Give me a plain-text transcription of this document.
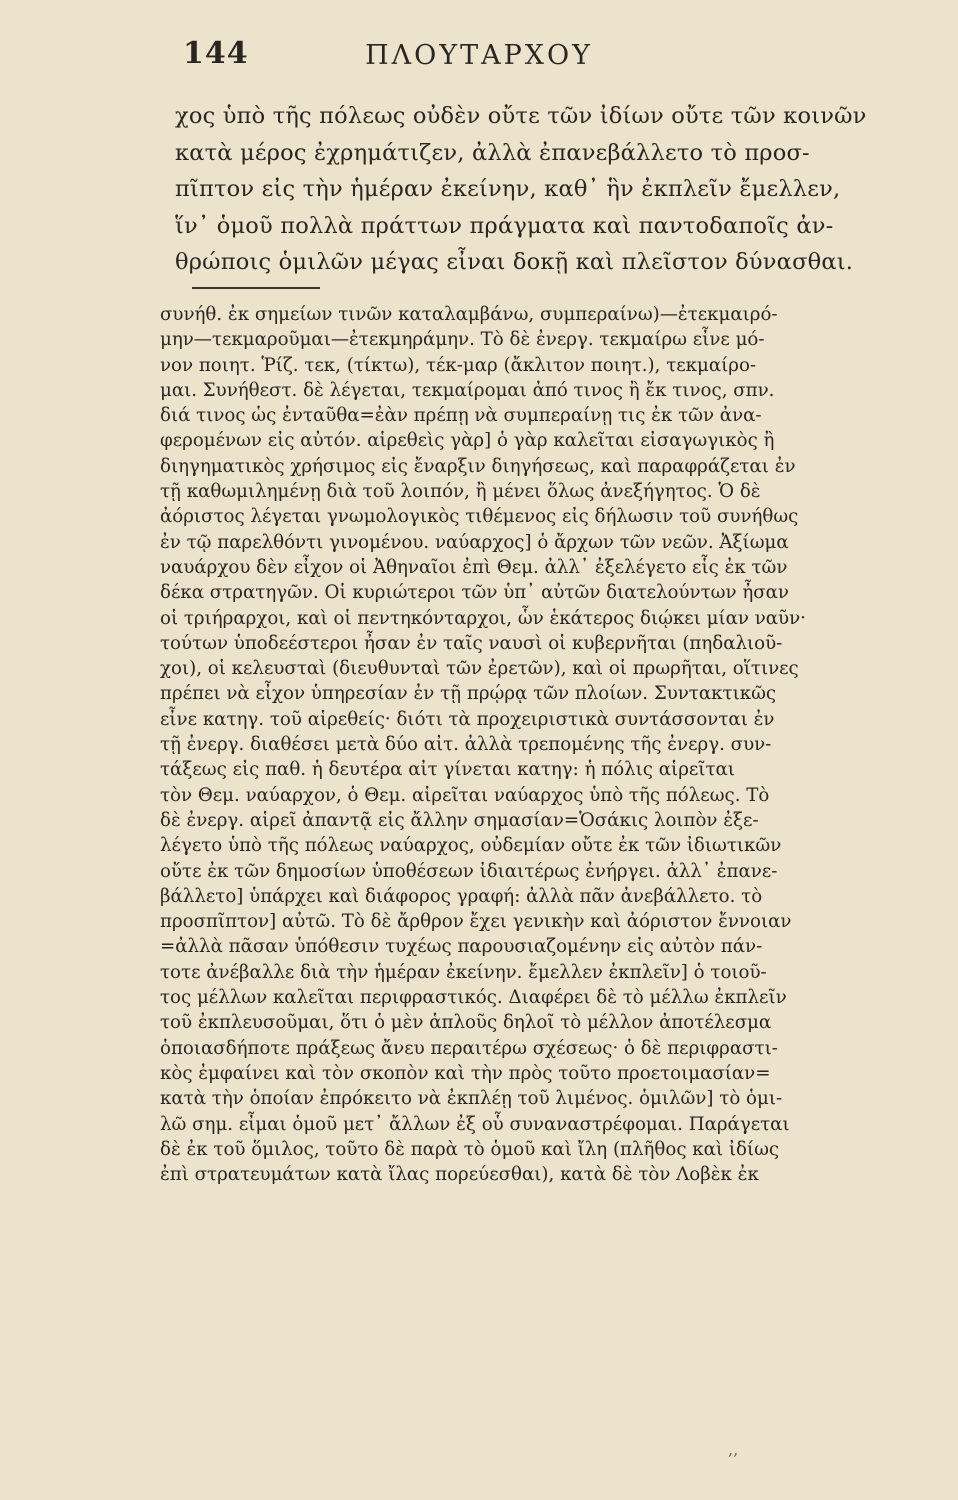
144	ΠΛΟΥΤΑΡΧΟΥ
χος ὑπὸ τῆς πόλεως οὐδὲν οὔτε τῶν ἰδίων οὔτε τῶν κοινῶν
κατὰ μέρος ἐχρημάτιζεν, ἀλλὰ ἐπανεβάλλετο τὸ προσ-
πῖπτον εἰς τὴν ἡμέραν ἐκείνην, καθ᾽ ἣν ἐκπλεῖν ἔμελλεν,
ἵν᾽ ὁμοῦ πολλὰ πράττων πράγματα καὶ παντοδαποῖς ἀν-
θρώποις ὁμιλῶν μέγας εἶναι δοκῇ καὶ πλεῖστον δύνασθαι.
συνήθ. ἐκ σημείων τινῶν καταλαμβάνω, συμπεραίνω)—ἐτεκμαιρό-
μην—τεκμαροῦμαι—ἐτεκμηράμην. Τὸ δὲ ἐνεργ. τεκμαίρω εἶνε μό-
νον ποιητ. Ῥίζ. τεκ, (τίκτω), τέκ-μαρ (ἄκλιτον ποιητ.), τεκμαίρο-
μαι. Συνήθεστ. δὲ λέγεται, τεκμαίρομαι ἀπό τινος ἢ ἔκ τινος, σπν.
διά τινος ὡς ἐνταῦθα=ἐὰν πρέπῃ νὰ συμπεραίνῃ τις ἐκ τῶν ἀνα-
φερομένων εἰς αὐτόν. αἱρεθεὶς γὰρ] ὁ γὰρ καλεῖται εἰσαγωγικὸς ἢ
διηγηματικὸς χρήσιμος εἰς ἔναρξιν διηγήσεως, καὶ παραφράζεται ἐν
τῇ καθωμιλημένῃ διὰ τοῦ λοιπόν, ἢ μένει ὅλως ἀνεξήγητος. Ὁ δὲ
ἀόριστος λέγεται γνωμολογικὸς τιθέμενος εἰς δήλωσιν τοῦ συνήθως
ἐν τῷ παρελθόντι γινομένου. ναύαρχος] ὁ ἄρχων τῶν νεῶν. Ἀξίωμα
ναυάρχου δὲν εἶχον οἱ Ἀθηναῖοι ἐπὶ Θεμ. ἀλλ᾽ ἐξελέγετο εἷς ἐκ τῶν
δέκα στρατηγῶν. Οἱ κυριώτεροι τῶν ὑπ᾽ αὐτῶν διατελούντων ἦσαν
οἱ τριήραρχοι, καὶ οἱ πεντηκόνταρχοι, ὧν ἑκάτερος διῴκει μίαν ναῦν·
τούτων ὑποδεέστεροι ἦσαν ἐν ταῖς ναυσὶ οἱ κυβερνῆται (πηδαλιοῦ-
χοι), οἱ κελευσταὶ (διευθυνταὶ τῶν ἐρετῶν), καὶ οἱ πρωρῆται, οἵτινες
πρέπει νὰ εἶχον ὑπηρεσίαν ἐν τῇ πρῴρᾳ τῶν πλοίων. Συντακτικῶς
εἶνε κατηγ. τοῦ αἱρεθείς· διότι τὰ προχειριστικὰ συντάσσονται ἐν
τῇ ἐνεργ. διαθέσει μετὰ δύο αἰτ. ἀλλὰ τρεπομένης τῆς ἐνεργ. συν-
τάξεως εἰς παθ. ἡ δευτέρα αἰτ γίνεται κατηγ: ἡ πόλις αἱρεῖται
τὸν Θεμ. ναύαρχον, ὁ Θεμ. αἱρεῖται ναύαρχος ὑπὸ τῆς πόλεως. Τὸ
δὲ ἐνεργ. αἱρεῖ ἀπαντᾷ εἰς ἄλλην σημασίαν=Ὁσάκις λοιπὸν ἐξε-
λέγετο ὑπὸ τῆς πόλεως ναύαρχος, οὐδεμίαν οὔτε ἐκ τῶν ἰδιωτικῶν
οὔτε ἐκ τῶν δημοσίων ὑποθέσεων ἰδιαιτέρως ἐνήργει. ἀλλ᾽ ἐπανε-
βάλλετο] ὑπάρχει καὶ διάφορος γραφή: ἀλλὰ πᾶν ἀνεβάλλετο. τὸ
προσπῖπτον] αὐτῶ. Τὸ δὲ ἄρθρον ἔχει γενικὴν καὶ ἀόριστον ἔννοιαν
=ἀλλὰ πᾶσαν ὑπόθεσιν τυχέως παρουσιαζομένην εἰς αὐτὸν πάν-
τοτε ἀνέβαλλε διὰ τὴν ἡμέραν ἐκείνην. ἔμελλεν ἐκπλεῖν] ὁ τοιοῦ-
τος μέλλων καλεῖται περιφραστικός. Διαφέρει δὲ τὸ μέλλω ἐκπλεῖν
τοῦ ἐκπλευσοῦμαι, ὅτι ὁ μὲν ἁπλοῦς δηλοῖ τὸ μέλλον ἀποτέλεσμα
ὁποιασδήποτε πράξεως ἄνευ περαιτέρω σχέσεως· ὁ δὲ περιφραστι-
κὸς ἐμφαίνει καὶ τὸν σκοπὸν καὶ τὴν πρὸς τοῦτο προετοιμασίαν=
κατὰ τὴν ὁποίαν ἐπρόκειτο νὰ ἐκπλέῃ τοῦ λιμένος. ὁμιλῶν] τὸ ὁμι-
λῶ σημ. εἶμαι ὁμοῦ μετ᾽ ἄλλων ἐξ οὗ συναναστρέφομαι. Παράγεται
δὲ ἐκ τοῦ ὅμιλος, τοῦτο δὲ παρὰ τὸ ὁμοῦ καὶ ἴλη (πλῆθος καὶ ἰδίως
ἐπὶ στρατευμάτων κατὰ ἴλας πορεύεσθαι), κατὰ δὲ τὸν Λοβὲκ ἐκ
‚‚
